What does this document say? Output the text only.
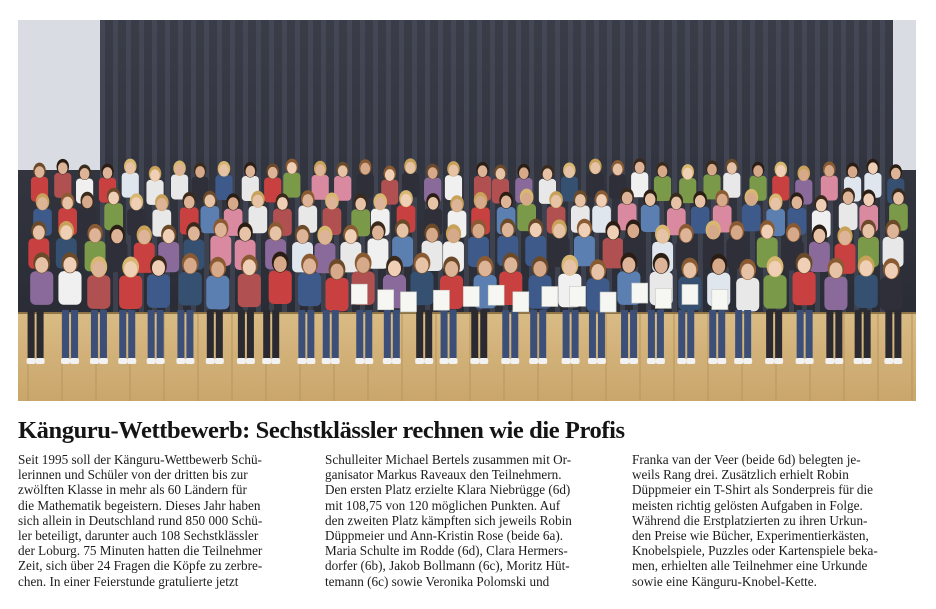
Känguru-Wettbewerb: Sechstklässler rechnen wie die Profis
Seit 1995 soll der Känguru-Wettbewerb Schü-
lerinnen und Schüler von der dritten bis zur
zwölften Klasse in mehr als 60 Ländern für
die Mathematik begeistern. Dieses Jahr haben
sich allein in Deutschland rund 850 000 Schü-
ler beteiligt, darunter auch 108 Sechstklässler
der Loburg. 75 Minuten hatten die Teilnehmer
Zeit, sich über 24 Fragen die Köpfe zu zerbre-
chen. In einer Feierstunde gratulierte jetzt
Schulleiter Michael Bertels zusammen mit Or-
ganisator Markus Raveaux den Teilnehmern.
Den ersten Platz erzielte Klara Niebrügge (6d)
mit 108,75 von 120 möglichen Punkten. Auf
den zweiten Platz kämpften sich jeweils Robin
Düppmeier und Ann-Kristin Rose (beide 6a).
Maria Schulte im Rodde (6d), Clara Hermers-
dorfer (6b), Jakob Bollmann (6c), Moritz Hüt-
temann (6c) sowie Veronika Polomski und
Franka van der Veer (beide 6d) belegten je-
weils Rang drei. Zusätzlich erhielt Robin
Düppmeier ein T-Shirt als Sonderpreis für die
meisten richtig gelösten Aufgaben in Folge.
Während die Erstplatzierten zu ihren Urkun-
den Preise wie Bücher, Experimentierkästen,
Knobelspiele, Puzzles oder Kartenspiele beka-
men, erhielten alle Teilnehmer eine Urkunde
sowie eine Känguru-Knobel-Kette.
